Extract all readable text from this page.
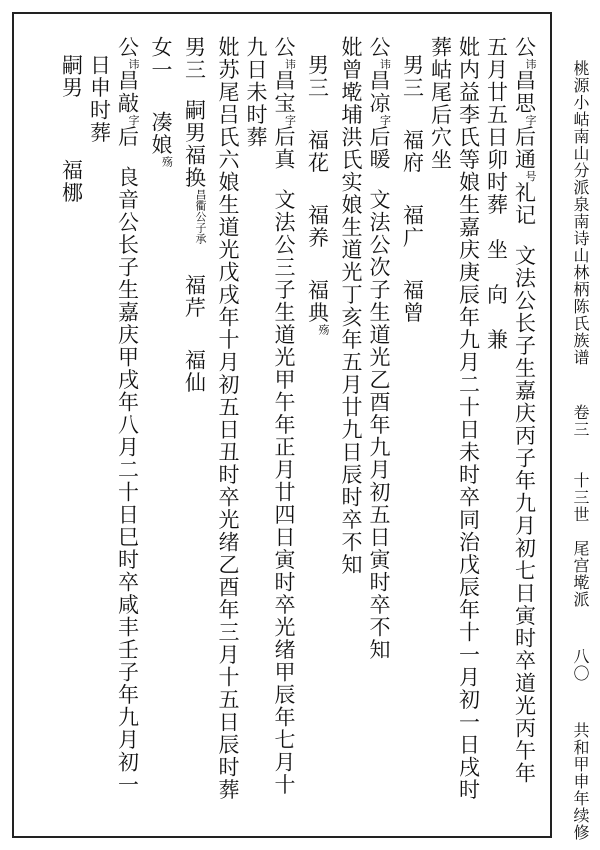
桃源小岵南山分派泉南诗山林柄陈氏族谱
卷三
十三世　尾宫墘派
八〇
共和甲申年续修
公讳昌思字后通号礼记文法公长子生嘉庆丙子年九月初七日寅时卒道光丙午年
五月廿五日卯时葬　坐　向　兼
妣内益李氏等娘生嘉庆庚辰年九月二十日未时卒同治戊辰年十一月初一日戌时
葬岵尾后穴坐
男三福府福广福曾
公讳昌凉字后暖文法公次子生道光乙酉年九月初五日寅时卒不知
妣曾墘埔洪氏实娘生道光丁亥年五月廿九日辰时卒不知
男三福花福养福典殇
公讳昌宝字后真文法公三子生道光甲午年正月廿四日寅时卒光绪甲辰年七月十
九日未时葬
妣苏尾吕氏六娘生道光戊戌年十月初五日丑时卒光绪乙酉年三月十五日辰时葬
男三嗣男福换昌衢公子承福芹福仙
女一凑娘殇
公讳昌敲字后良音公长子生嘉庆甲戌年八月二十日巳时卒咸丰壬子年九月初一
日申时葬
嗣男福梛
